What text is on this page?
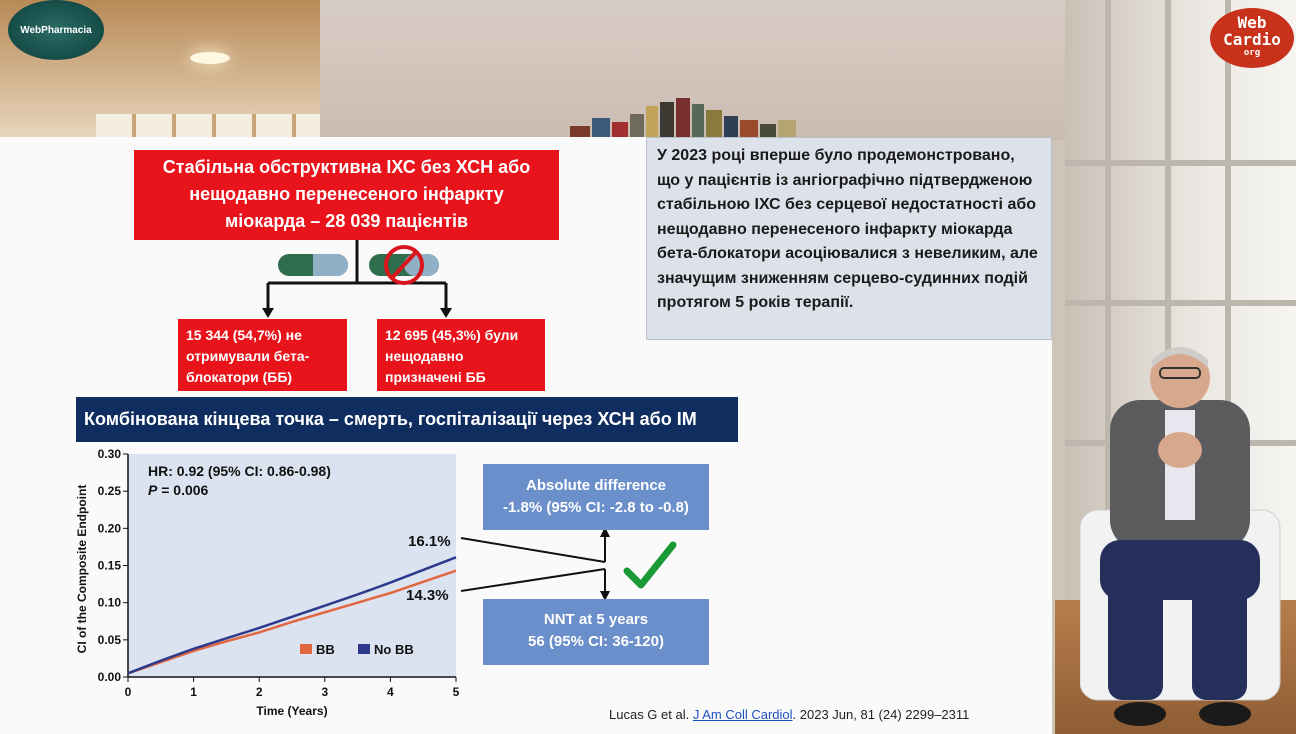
WebPharmacia	Web
Cardio
org
Стабільна обструктивна ІХС без ХСН або
нещодавно перенесеного інфаркту
міокарда – 28 039 пацієнтів
15 344 (54,7%) не
отримували бета-
блокатори (ББ)
12 695 (45,3%) були
нещодавно
призначені ББ
Комбінована кінцева точка – смерть, госпіталізації через ХСН або ІМ
У 2023 році вперше було продемонстровано, що у пацієнтів із ангіографічно підтвердженою стабільною ІХС без серцевої недостатності або нещодавно перенесеного інфаркту міокарда бета-блокатори асоціювалися з невеликим, але значущим зниженням серцево-судинних подій протягом 5 років терапії.
0.00
0.05
0.10
0.15
0.20
0.25
0.30
0	1	2	3	4	5
HR: 0.92 (95% CI: 0.86-0.98)
P = 0.006
CI of the Composite Endpoint
Time (Years)
BB	No BB
16.1%
14.3%
Absolute difference
-1.8% (95% CI: -2.8 to -0.8)
NNT at 5 years
56 (95% CI: 36-120)
Lucas G et al. J Am Coll Cardiol. 2023 Jun, 81 (24) 2299–2311
